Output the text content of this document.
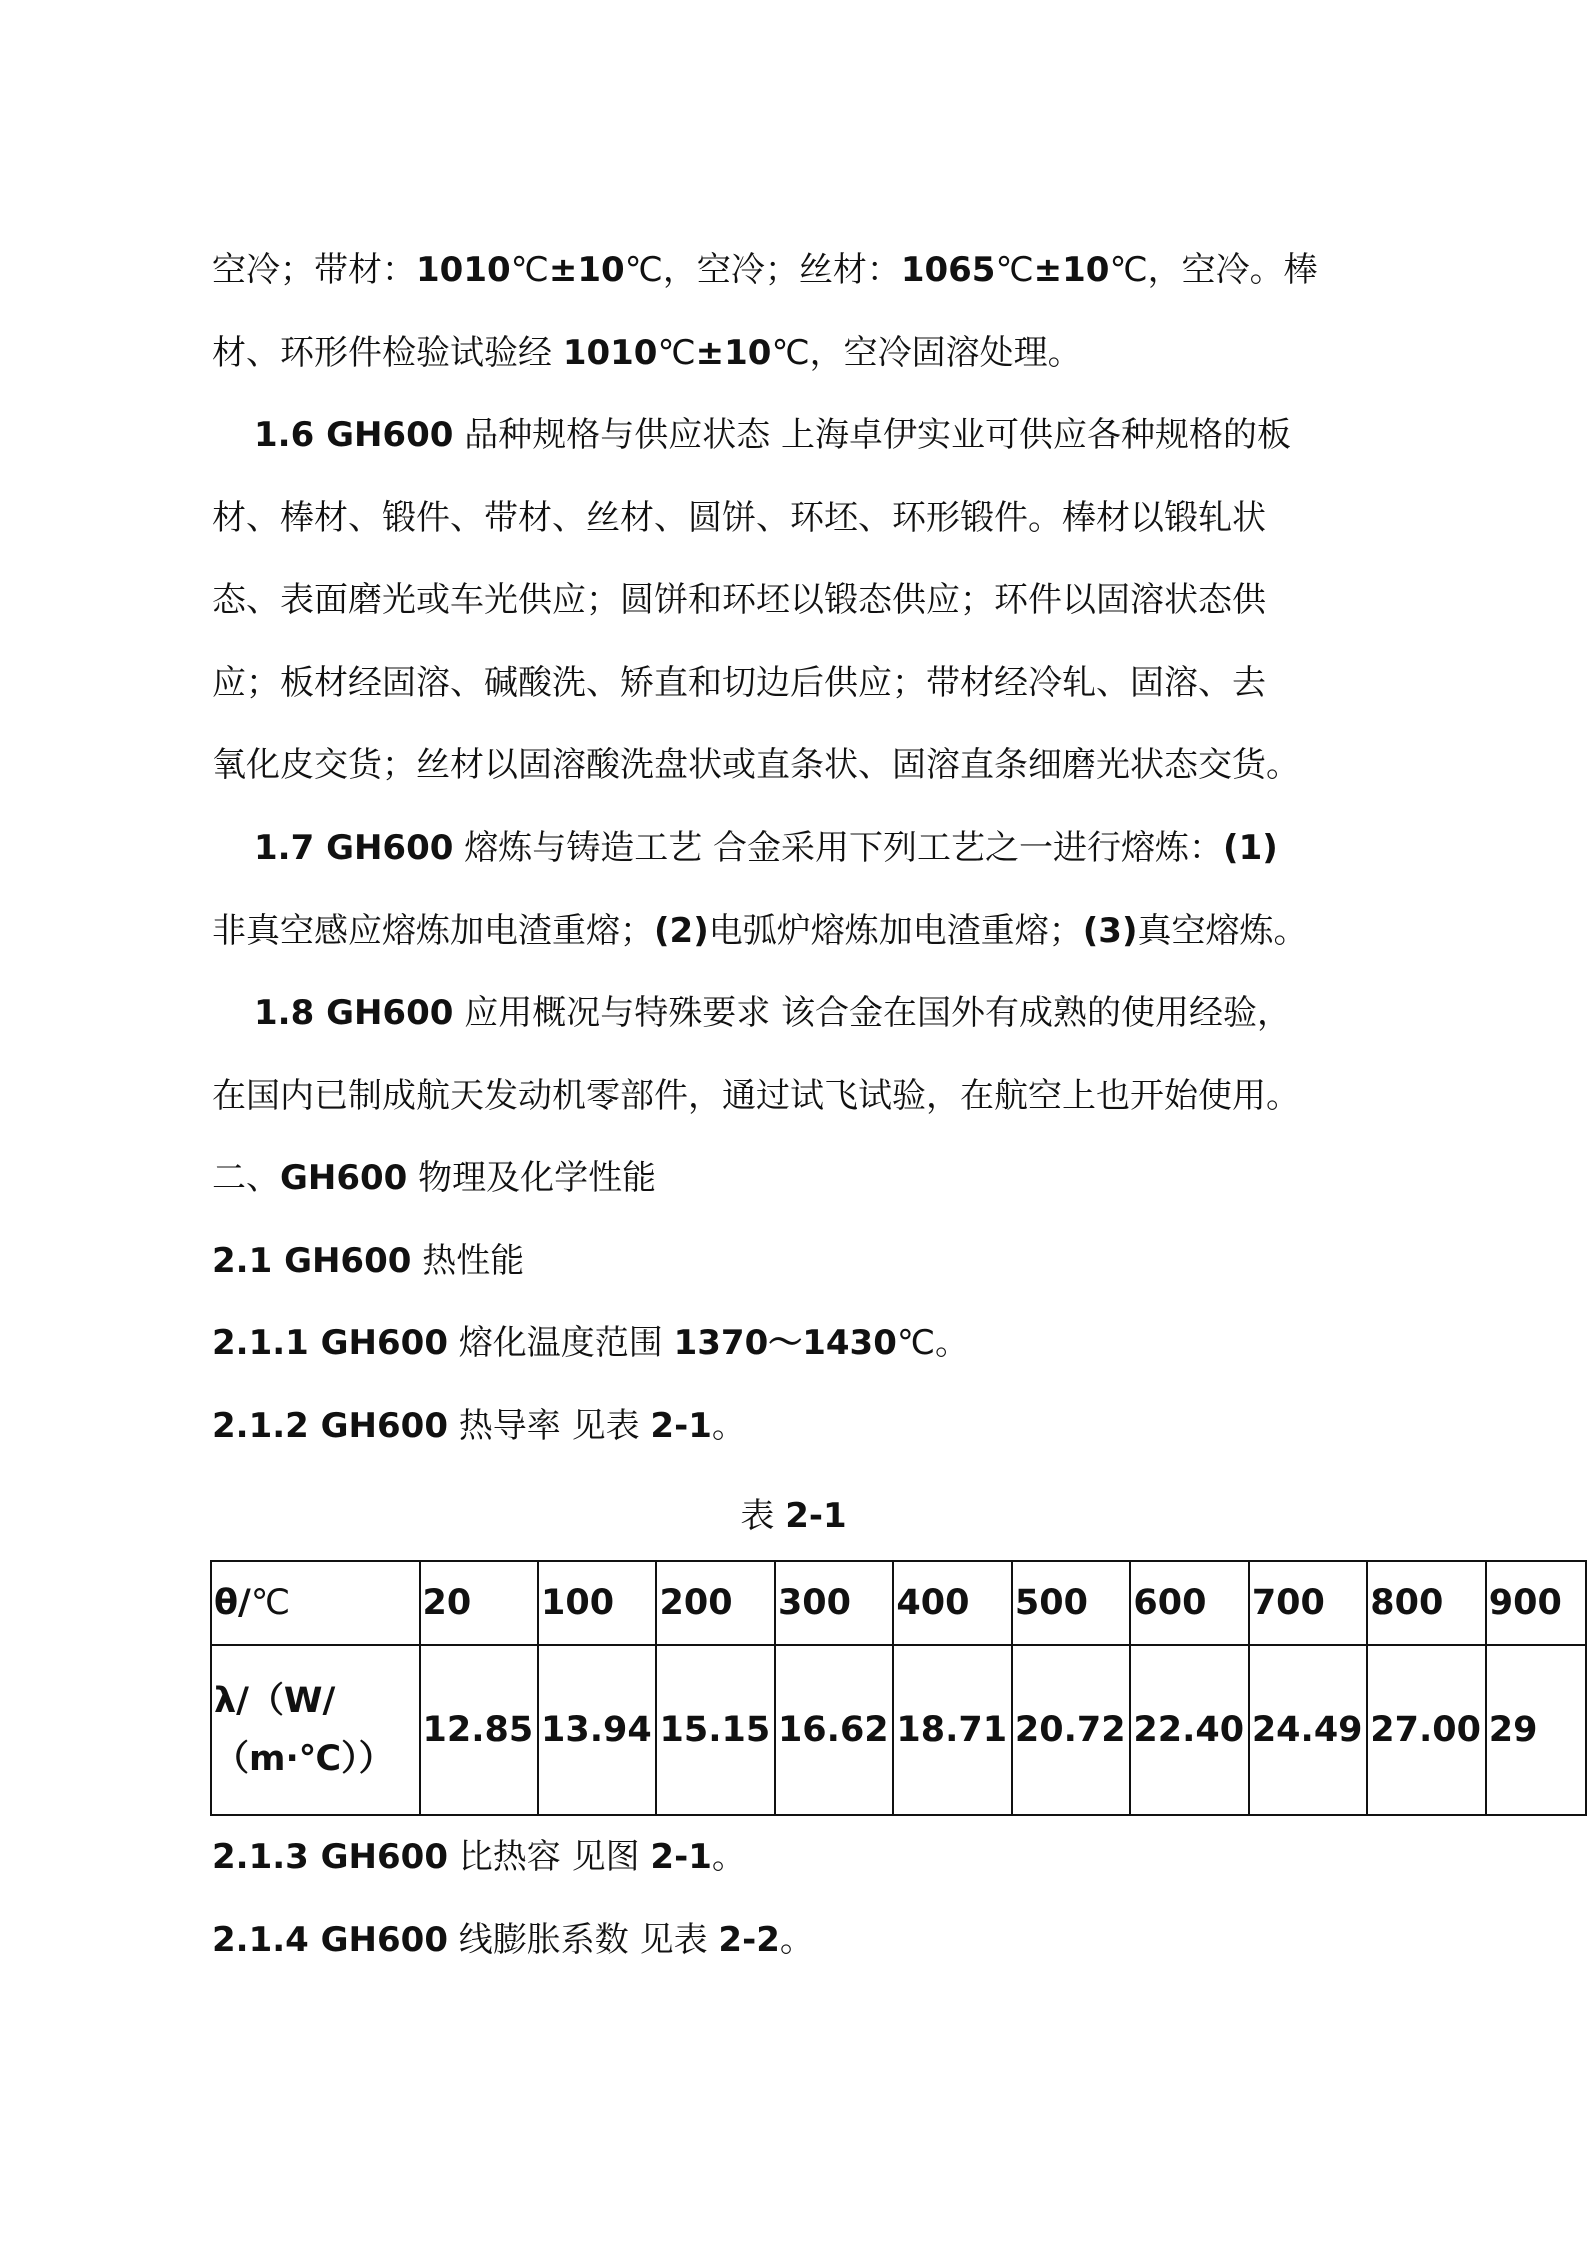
空冷；带材：1010℃±10℃，空冷；丝材：1065℃±10℃，空冷。棒
材、环形件检验试验经 1010℃±10℃，空冷固溶处理。
1.6 GH600 品种规格与供应状态 上海卓伊实业可供应各种规格的板
材、棒材、锻件、带材、丝材、圆饼、环坯、环形锻件。棒材以锻轧状
态、表面磨光或车光供应；圆饼和环坯以锻态供应；环件以固溶状态供
应；板材经固溶、碱酸洗、矫直和切边后供应；带材经冷轧、固溶、去
氧化皮交货；丝材以固溶酸洗盘状或直条状、固溶直条细磨光状态交货。
1.7 GH600 熔炼与铸造工艺 合金采用下列工艺之一进行熔炼：(1)
非真空感应熔炼加电渣重熔；(2)电弧炉熔炼加电渣重熔；(3)真空熔炼。
1.8 GH600 应用概况与特殊要求 该合金在国外有成熟的使用经验，
在国内已制成航天发动机零部件，通过试飞试验，在航空上也开始使用。
二、GH600 物理及化学性能
2.1 GH600 热性能
2.1.1 GH600 熔化温度范围 1370～1430℃。
2.1.2 GH600 热导率 见表 2-1。
表 2-1
θ/℃	20	100	200	300	400	500	600	700	800	900

λ/（W/
（m·℃））	12.85	13.94	15.15	16.62	18.71	20.72	22.40	24.49	27.00	29
2.1.3 GH600 比热容 见图 2-1。
2.1.4 GH600 线膨胀系数 见表 2-2。
